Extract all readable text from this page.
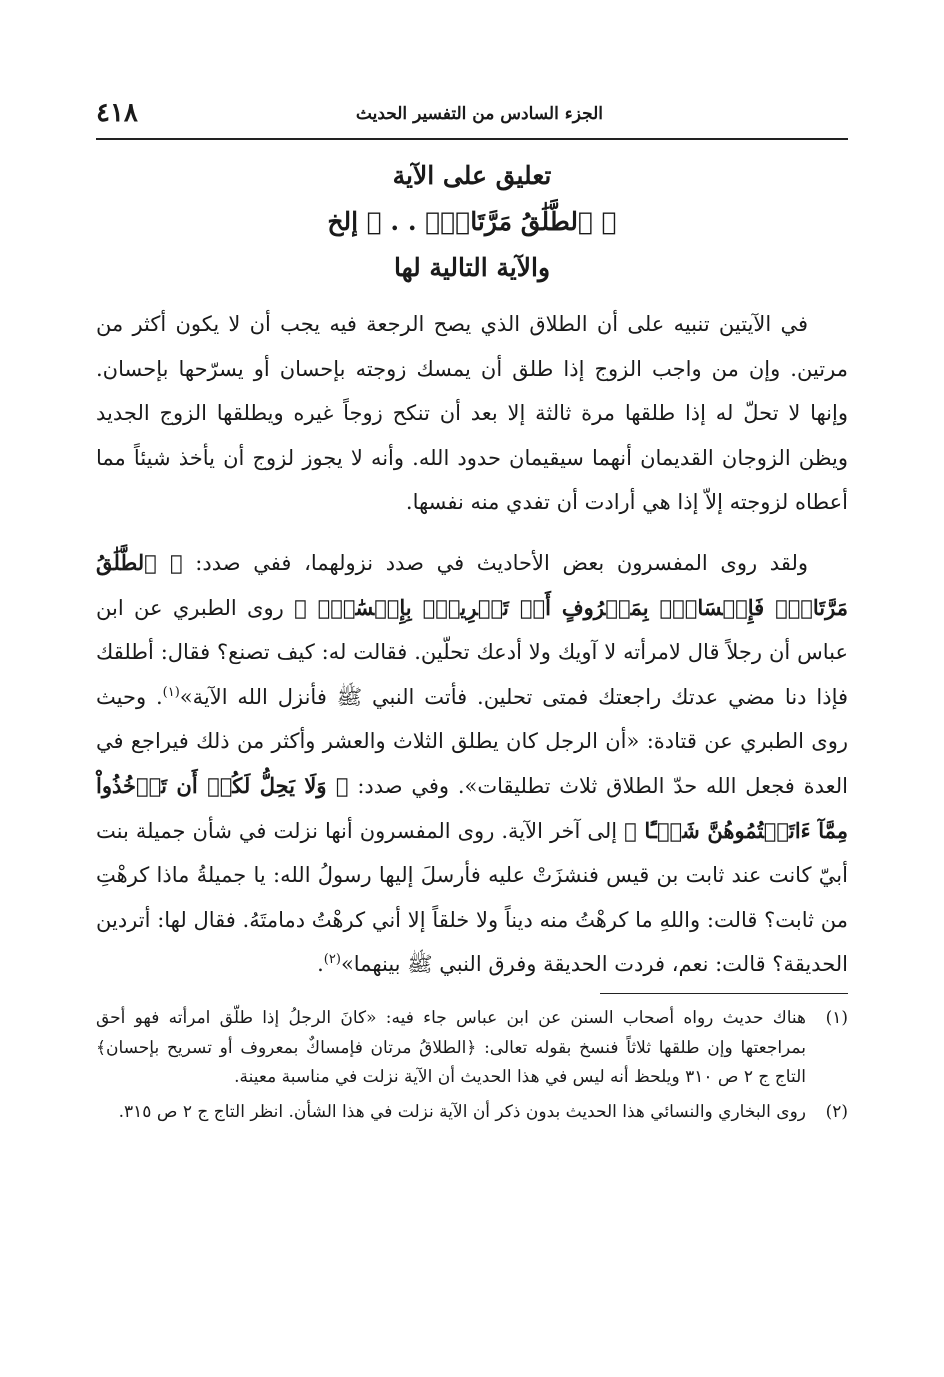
الجزء السادس من التفسير الحديث
٤١٨
تعليق على الآية
﴿ ٱلطَّلَٰقُ مَرَّتَانِۖ . . ﴾ إلخ
والآية التالية لها

في الآيتين تنبيه على أن الطلاق الذي يصح الرجعة فيه يجب أن لا يكون أكثر من مرتين. وإن من واجب الزوج إذا طلق أن يمسك زوجته بإحسان أو يسرّحها بإحسان. وإنها لا تحلّ له إذا طلقها مرة ثالثة إلا بعد أن تنكح زوجاً غيره ويطلقها الزوج الجديد ويظن الزوجان القديمان أنهما سيقيمان حدود الله. وأنه لا يجوز لزوج أن يأخذ شيئاً مما أعطاه لزوجته إلاّ إذا هي أرادت أن تفدي منه نفسها.

ولقد روى المفسرون بعض الأحاديث في صدد نزولهما، ففي صدد: ﴿ ٱلطَّلَٰقُ مَرَّتَانِۖ فَإِمۡسَاكُۢ بِمَعۡرُوفٍ أَوۡ تَسۡرِيحُۢ بِإِحۡسَٰنٖۗ ﴾ روى الطبري عن ابن عباس أن رجلاً قال لامرأته لا آويك ولا أدعك تحلّين. فقالت له: كيف تصنع؟ فقال: أطلقك فإذا دنا مضي عدتك راجعتك فمتى تحلين. فأتت النبي ﷺ فأنزل الله الآية»$^{(١)}$. وحيث روى الطبري عن قتادة: «أن الرجل كان يطلق الثلاث والعشر وأكثر من ذلك فيراجع في العدة فجعل الله حدّ الطلاق ثلاث تطليقات». وفي صدد: ﴿ وَلَا يَحِلُّ لَكُمۡ أَن تَأۡخُذُواْ مِمَّآ ءَاتَيۡتُمُوهُنَّ شَيۡـًٔا ﴾ إلى آخر الآية. روى المفسرون أنها نزلت في شأن جميلة بنت أبيّ كانت عند ثابت بن قيس فنشزَتْ عليه فأرسلَ إليها رسولُ الله: يا جميلةُ ماذا كرهْتِ من ثابت؟ قالت: واللهِ ما كرهْتُ منه ديناً ولا خلقاً إلا أني كرهْتُ دمامتَهُ. فقال لها: أتردين الحديقة؟ قالت: نعم، فردت الحديقة وفرق النبي ﷺ بينهما»$^{(٢)}$.

(١)
هناك حديث رواه أصحاب السنن عن ابن عباس جاء فيه: «كانَ الرجلُ إذا طلّق امرأته فهو أحق بمراجعتها وإن طلقها ثلاثاً فنسخ بقوله تعالى: ﴿الطلاقُ مرتان فإمساكٌ بمعروف أو تسريح بإحسان﴾ التاج ج ٢ ص ٣١٠ ويلحظ أنه ليس في هذا الحديث أن الآية نزلت في مناسبة معينة.
(٢)
روى البخاري والنسائي هذا الحديث بدون ذكر أن الآية نزلت في هذا الشأن. انظر التاج ج ٢ ص ٣١٥.
